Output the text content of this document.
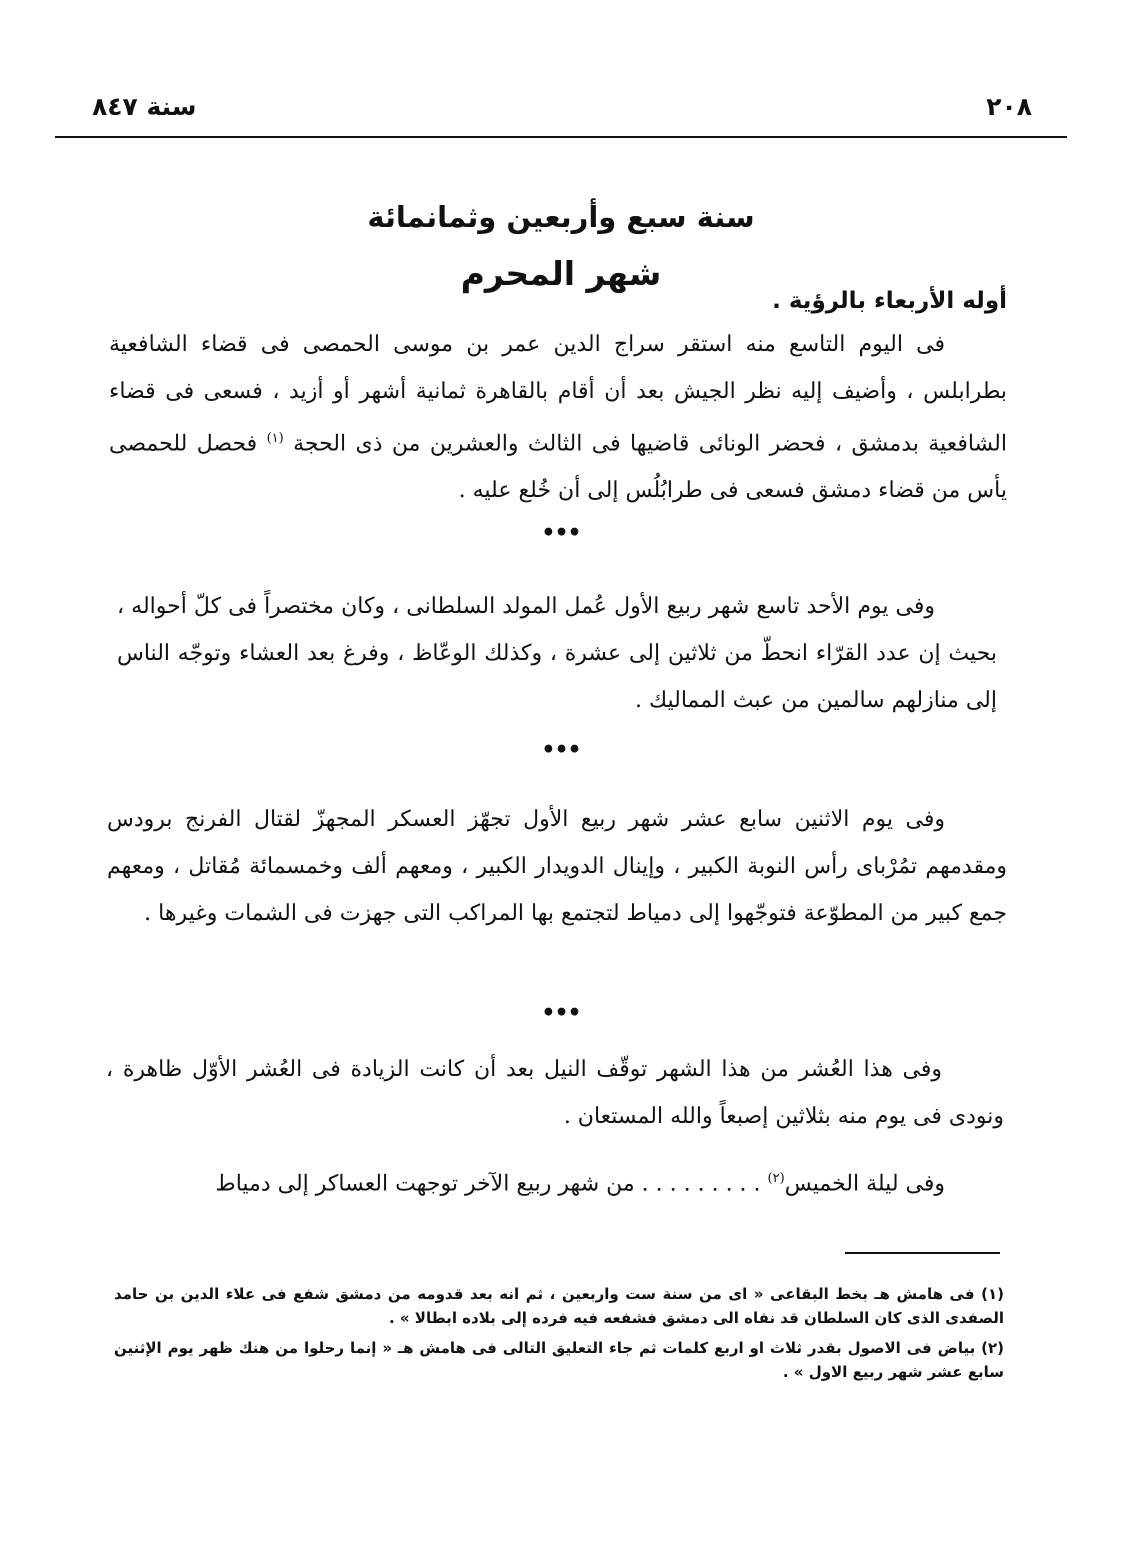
٢٠٨
سنة ٨٤٧
سنة سبع وأربعين وثمانمائة
شهر المحرم
أوله الأربعاء بالرؤية .
فى اليوم التاسع منه استقر سراج الدين عمر بن موسى الحمصى فى قضاء الشافعية بطرابلس ، وأضيف إليه نظر الجيش بعد أن أقام بالقاهرة ثمانية أشهر أو أزيد ، فسعى فى قضاء الشافعية بدمشق ، فحضر الونائى قاضيها فى الثالث والعشرين من ذى الحجة $^{(١)}$ فحصل للحمصى يأس من قضاء دمشق فسعى فى طرابُلُس إلى أن خُلع عليه .
•••
وفى يوم الأحد تاسع شهر ربيع الأول عُمل المولد السلطانى ، وكان مختصراً فى كلّ أحواله ، بحيث إن عدد القرّاء انحطّ من ثلاثين إلى عشرة ، وكذلك الوعّاظ ، وفرغ بعد العشاء وتوجّه الناس إلى منازلهم سالمين من عبث المماليك .
•••
وفى يوم الاثنين سابع عشر شهر ربيع الأول تجهّز العسكر المجهزّ لقتال الفرنج برودس ومقدمهم تمُرْباى رأس النوبة الكبير ، وإينال الدويدار الكبير ، ومعهم ألف وخمسمائة مُقاتل ، ومعهم جمع كبير من المطوّعة فتوجّهوا إلى دمياط لتجتمع بها المراكب التى جهزت فى الشمات وغيرها .
•••
وفى هذا العُشر من هذا الشهر توقّف النيل بعد أن كانت الزيادة فى العُشر الأوّل ظاهرة ، ونودى فى يوم منه بثلاثين إصبعاً والله المستعان .
وفى ليلة الخميس$^{(٢)}$ . . . . . . . . . من شهر ربيع الآخر توجهت العساكر إلى دمياط
(١) فى هامش هـ بخط البقاعى « اى من سنة ست واربعين ، ثم انه بعد قدومه من دمشق شفع فى علاء الدين بن حامد الصفدى الذى كان السلطان قد نفاه الى دمشق فشفعه فيه فرده إلى بلاده ابطالا » .
(٢) بياض فى الاصول بقدر ثلاث او اربع كلمات ثم جاء التعليق التالى فى هامش هـ « إنما رحلوا من هنك ظهر يوم الإثنين سابع عشر شهر ربيع الاول » .
